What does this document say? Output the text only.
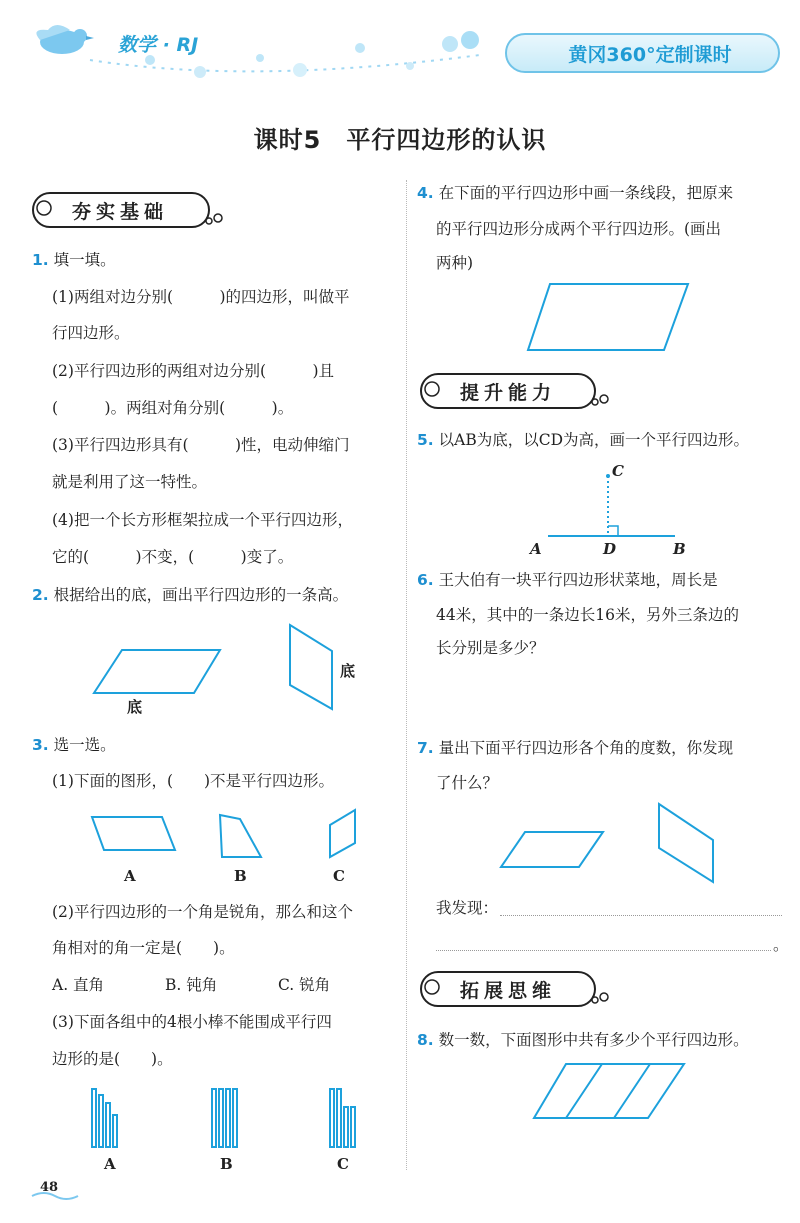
数学 · RJ	黄冈360°定制课时
课时5　平行四边形的认识
夯实基础
1. 填一填。
(1)两组对边分别(　　　)的四边形，叫做平
行四边形。
(2)平行四边形的两组对边分别(　　　)且
(　　　)。两组对角分别(　　　)。
(3)平行四边形具有(　　　)性，电动伸缩门
就是利用了这一特性。
(4)把一个长方形框架拉成一个平行四边形，
它的(　　　)不变，(　　　)变了。
2. 根据给出的底，画出平行四边形的一条高。
底
底
3. 选一选。
(1)下面的图形，(　　)不是平行四边形。
A	B	C
(2)平行四边形的一个角是锐角，那么和这个
角相对的角一定是(　　)。
A. 直角	B. 钝角	C. 锐角
(3)下面各组中的4根小棒不能围成平行四
边形的是(　　)。
A	B	C
4. 在下面的平行四边形中画一条线段，把原来
的平行四边形分成两个平行四边形。(画出
两种)
提升能力
5. 以AB为底，以CD为高，画一个平行四边形。
C
A	D	B
6. 王大伯有一块平行四边形状菜地，周长是
44米，其中的一条边长16米，另外三条边的
长分别是多少？
7. 量出下面平行四边形各个角的度数，你发现
了什么？
我发现：
。
拓展思维
8. 数一数，下面图形中共有多少个平行四边形。
48
